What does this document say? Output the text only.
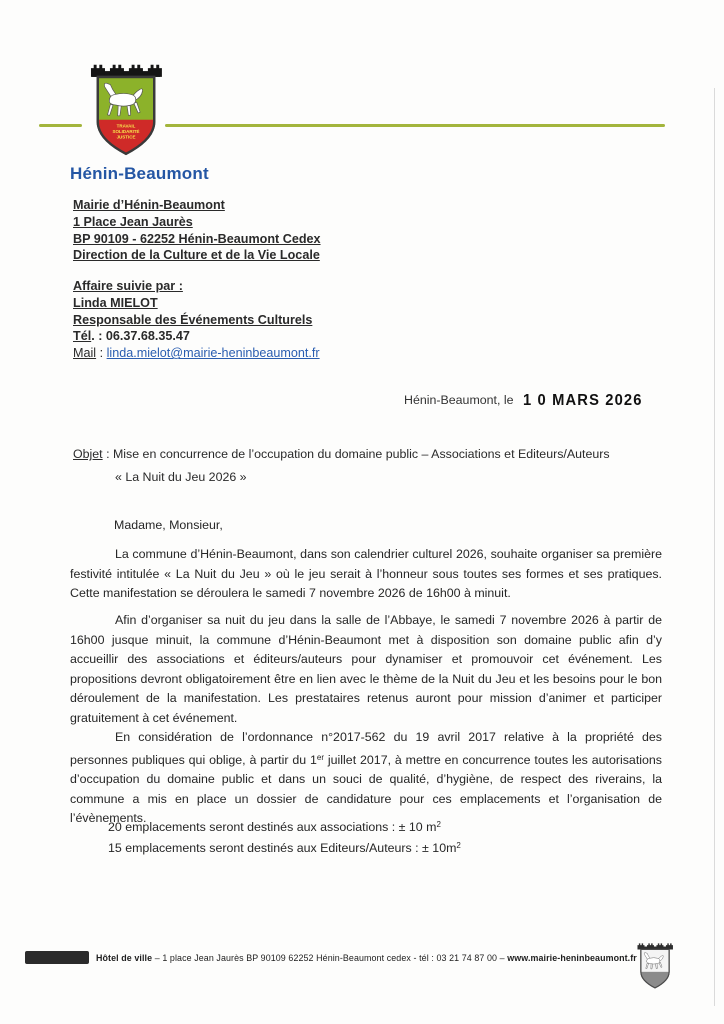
TRAVAIL
SOLIDARITÉ
JUSTICE
Hénin-Beaumont
Mairie d’Hénin-Beaumont
1 Place Jean Jaurès
BP 90109 - 62252 Hénin-Beaumont Cedex
Direction de la Culture et de la Vie Locale
Affaire suivie par :
Linda MIELOT
Responsable des Événements Culturels
Tél. : 06.37.68.35.47
Mail : linda.mielot@mairie-heninbeaumont.fr
Hénin-Beaumont, le 1 0 MARS 2026
Objet : Mise en concurrence de l’occupation du domaine public – Associations et Editeurs/Auteurs
« La Nuit du Jeu 2026 »
Madame, Monsieur,

La commune d’Hénin-Beaumont, dans son calendrier culturel 2026, souhaite organiser sa première festivité intitulée « La Nuit du Jeu » où le jeu serait à l’honneur sous toutes ses formes et ses pratiques. Cette manifestation se déroulera le samedi 7 novembre 2026 de 16h00 à minuit.

Afin d’organiser sa nuit du jeu dans la salle de l’Abbaye, le samedi 7 novembre 2026 à partir de 16h00 jusque minuit, la commune d’Hénin-Beaumont met à disposition son domaine public afin d’y accueillir des associations et éditeurs/auteurs pour dynamiser et promouvoir cet événement. Les propositions devront obligatoirement être en lien avec le thème de la Nuit du Jeu et les besoins pour le bon déroulement de la manifestation. Les prestataires retenus auront pour mission d’animer et participer gratuitement à cet événement.

En considération de l’ordonnance n°2017-562 du 19 avril 2017 relative à la propriété des personnes publiques qui oblige, à partir du 1er juillet 2017, à mettre en concurrence toutes les autorisations d’occupation du domaine public et dans un souci de qualité, d’hygiène, de respect des riverains, la commune a mis en place un dossier de candidature pour ces emplacements et l’organisation de l’évènements.

20 emplacements seront destinés aux associations : ± 10 $m^2$
15 emplacements seront destinés aux Editeurs/Auteurs : ± $10m^2$
Hôtel de ville – 1 place Jean Jaurès BP 90109 62252 Hénin-Beaumont cedex - tél : 03 21 74 87 00 – www.mairie-heninbeaumont.fr
